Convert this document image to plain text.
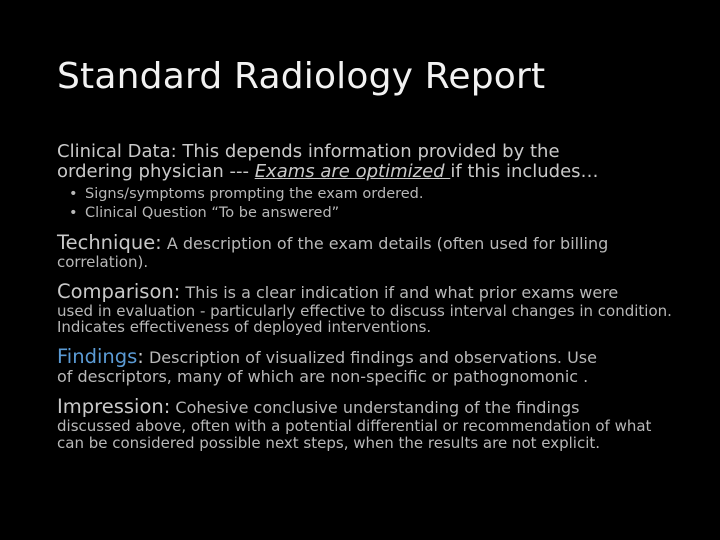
Standard Radiology Report

Clinical Data: This depends information provided by the
ordering physician --- Exams are optimized if this includes…

• Signs/symptoms prompting the exam ordered.
• Clinical Question “To be answered”

Technique: A description of the exam details (often used for billing
correlation).

Comparison: This is a clear indication if and what prior exams were
used in evaluation - particularly effective to discuss interval changes in condition. Indicates effectiveness of deployed interventions.

Findings: Description of visualized findings and observations. Use
of descriptors, many of which are non-specific or pathognomonic .

Impression: Cohesive conclusive understanding of the findings
discussed above, often with a potential differential or recommendation of what can be considered possible next steps, when the results are not explicit.
